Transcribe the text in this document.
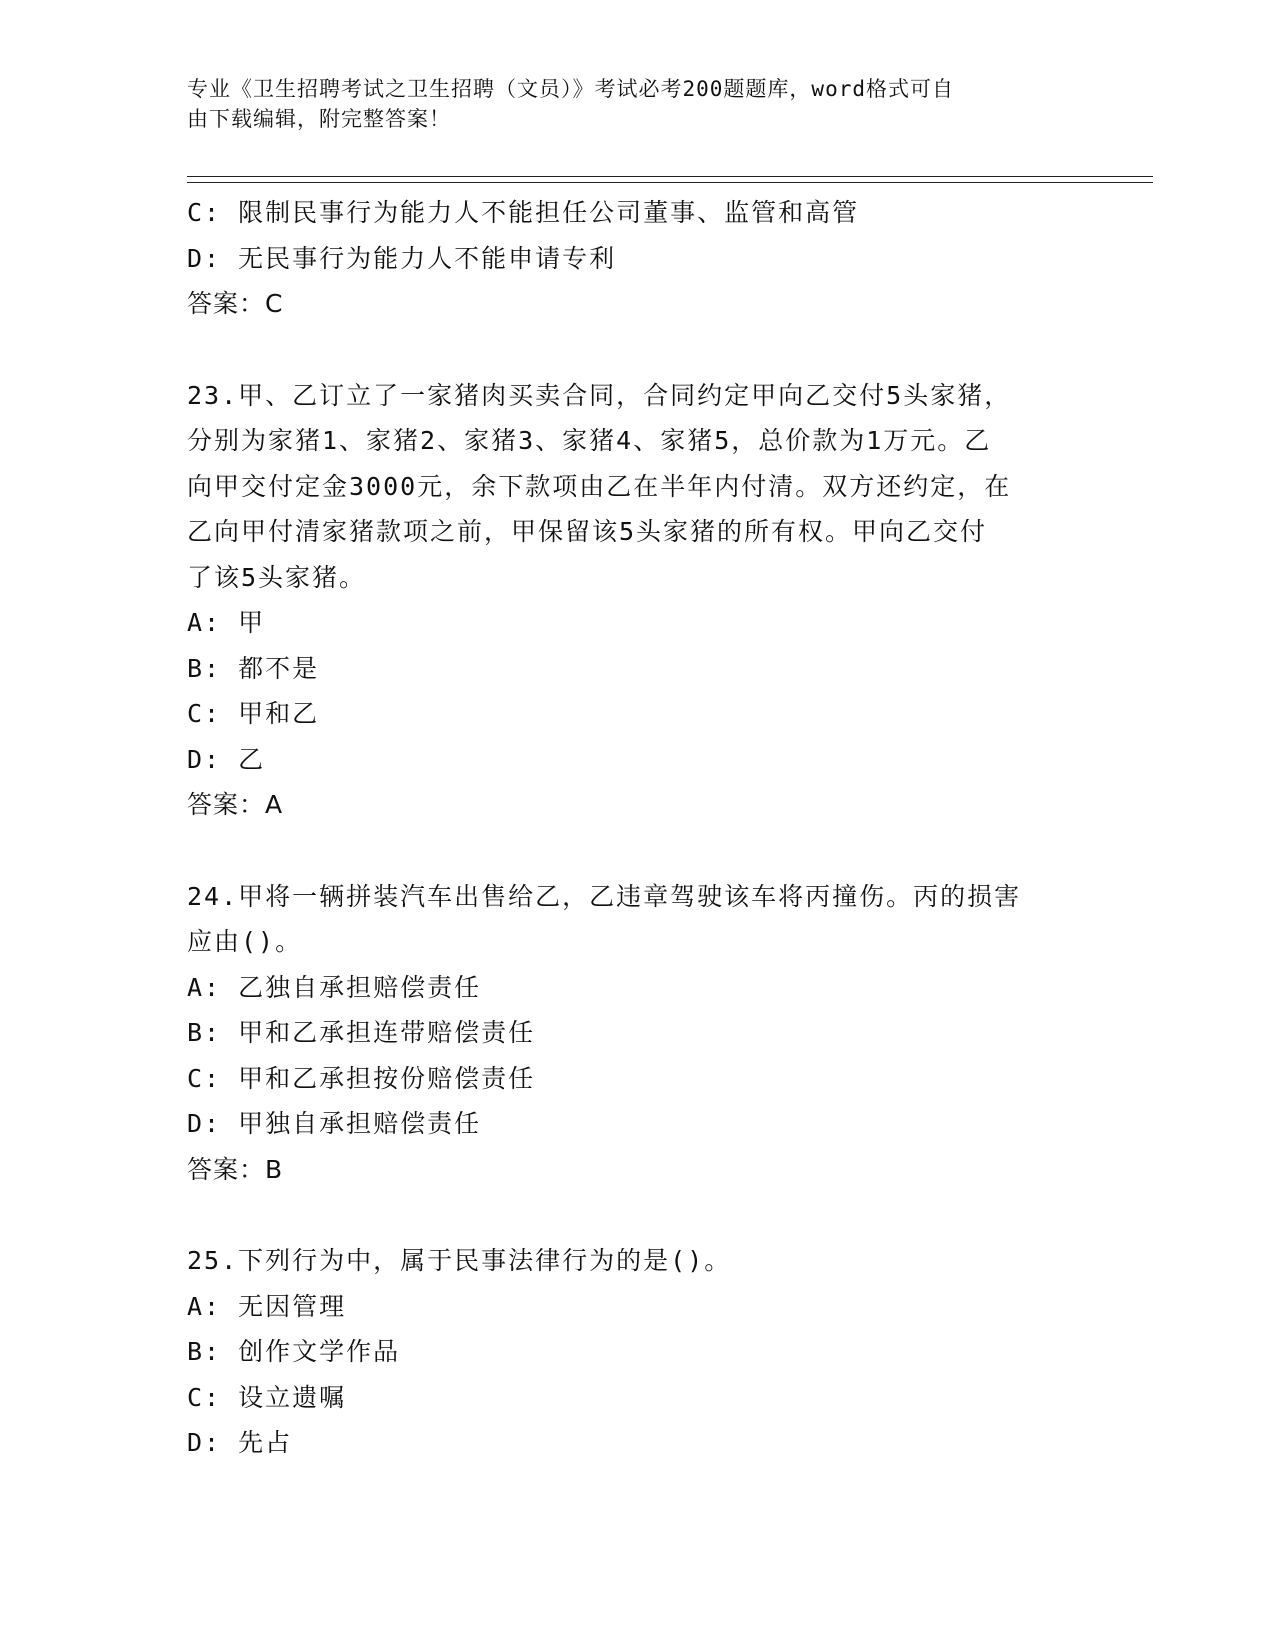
专业《卫生招聘考试之卫生招聘（文员）》考试必考200题题库，word格式可自
由下载编辑，附完整答案！
C: 限制民事行为能力人不能担任公司董事、监管和高管
D: 无民事行为能力人不能申请专利
答案：C
23.甲、乙订立了一家猪肉买卖合同，合同约定甲向乙交付5头家猪，
分别为家猪1、家猪2、家猪3、家猪4、家猪5，总价款为1万元。乙
向甲交付定金3000元，余下款项由乙在半年内付清。双方还约定，在
乙向甲付清家猪款项之前，甲保留该5头家猪的所有权。甲向乙交付
了该5头家猪。
A: 甲
B: 都不是
C: 甲和乙
D: 乙
答案：A
24.甲将一辆拼装汽车出售给乙，乙违章驾驶该车将丙撞伤。丙的损害
应由()。
A: 乙独自承担赔偿责任
B: 甲和乙承担连带赔偿责任
C: 甲和乙承担按份赔偿责任
D: 甲独自承担赔偿责任
答案：B
25.下列行为中，属于民事法律行为的是()。
A: 无因管理
B: 创作文学作品
C: 设立遗嘱
D: 先占
